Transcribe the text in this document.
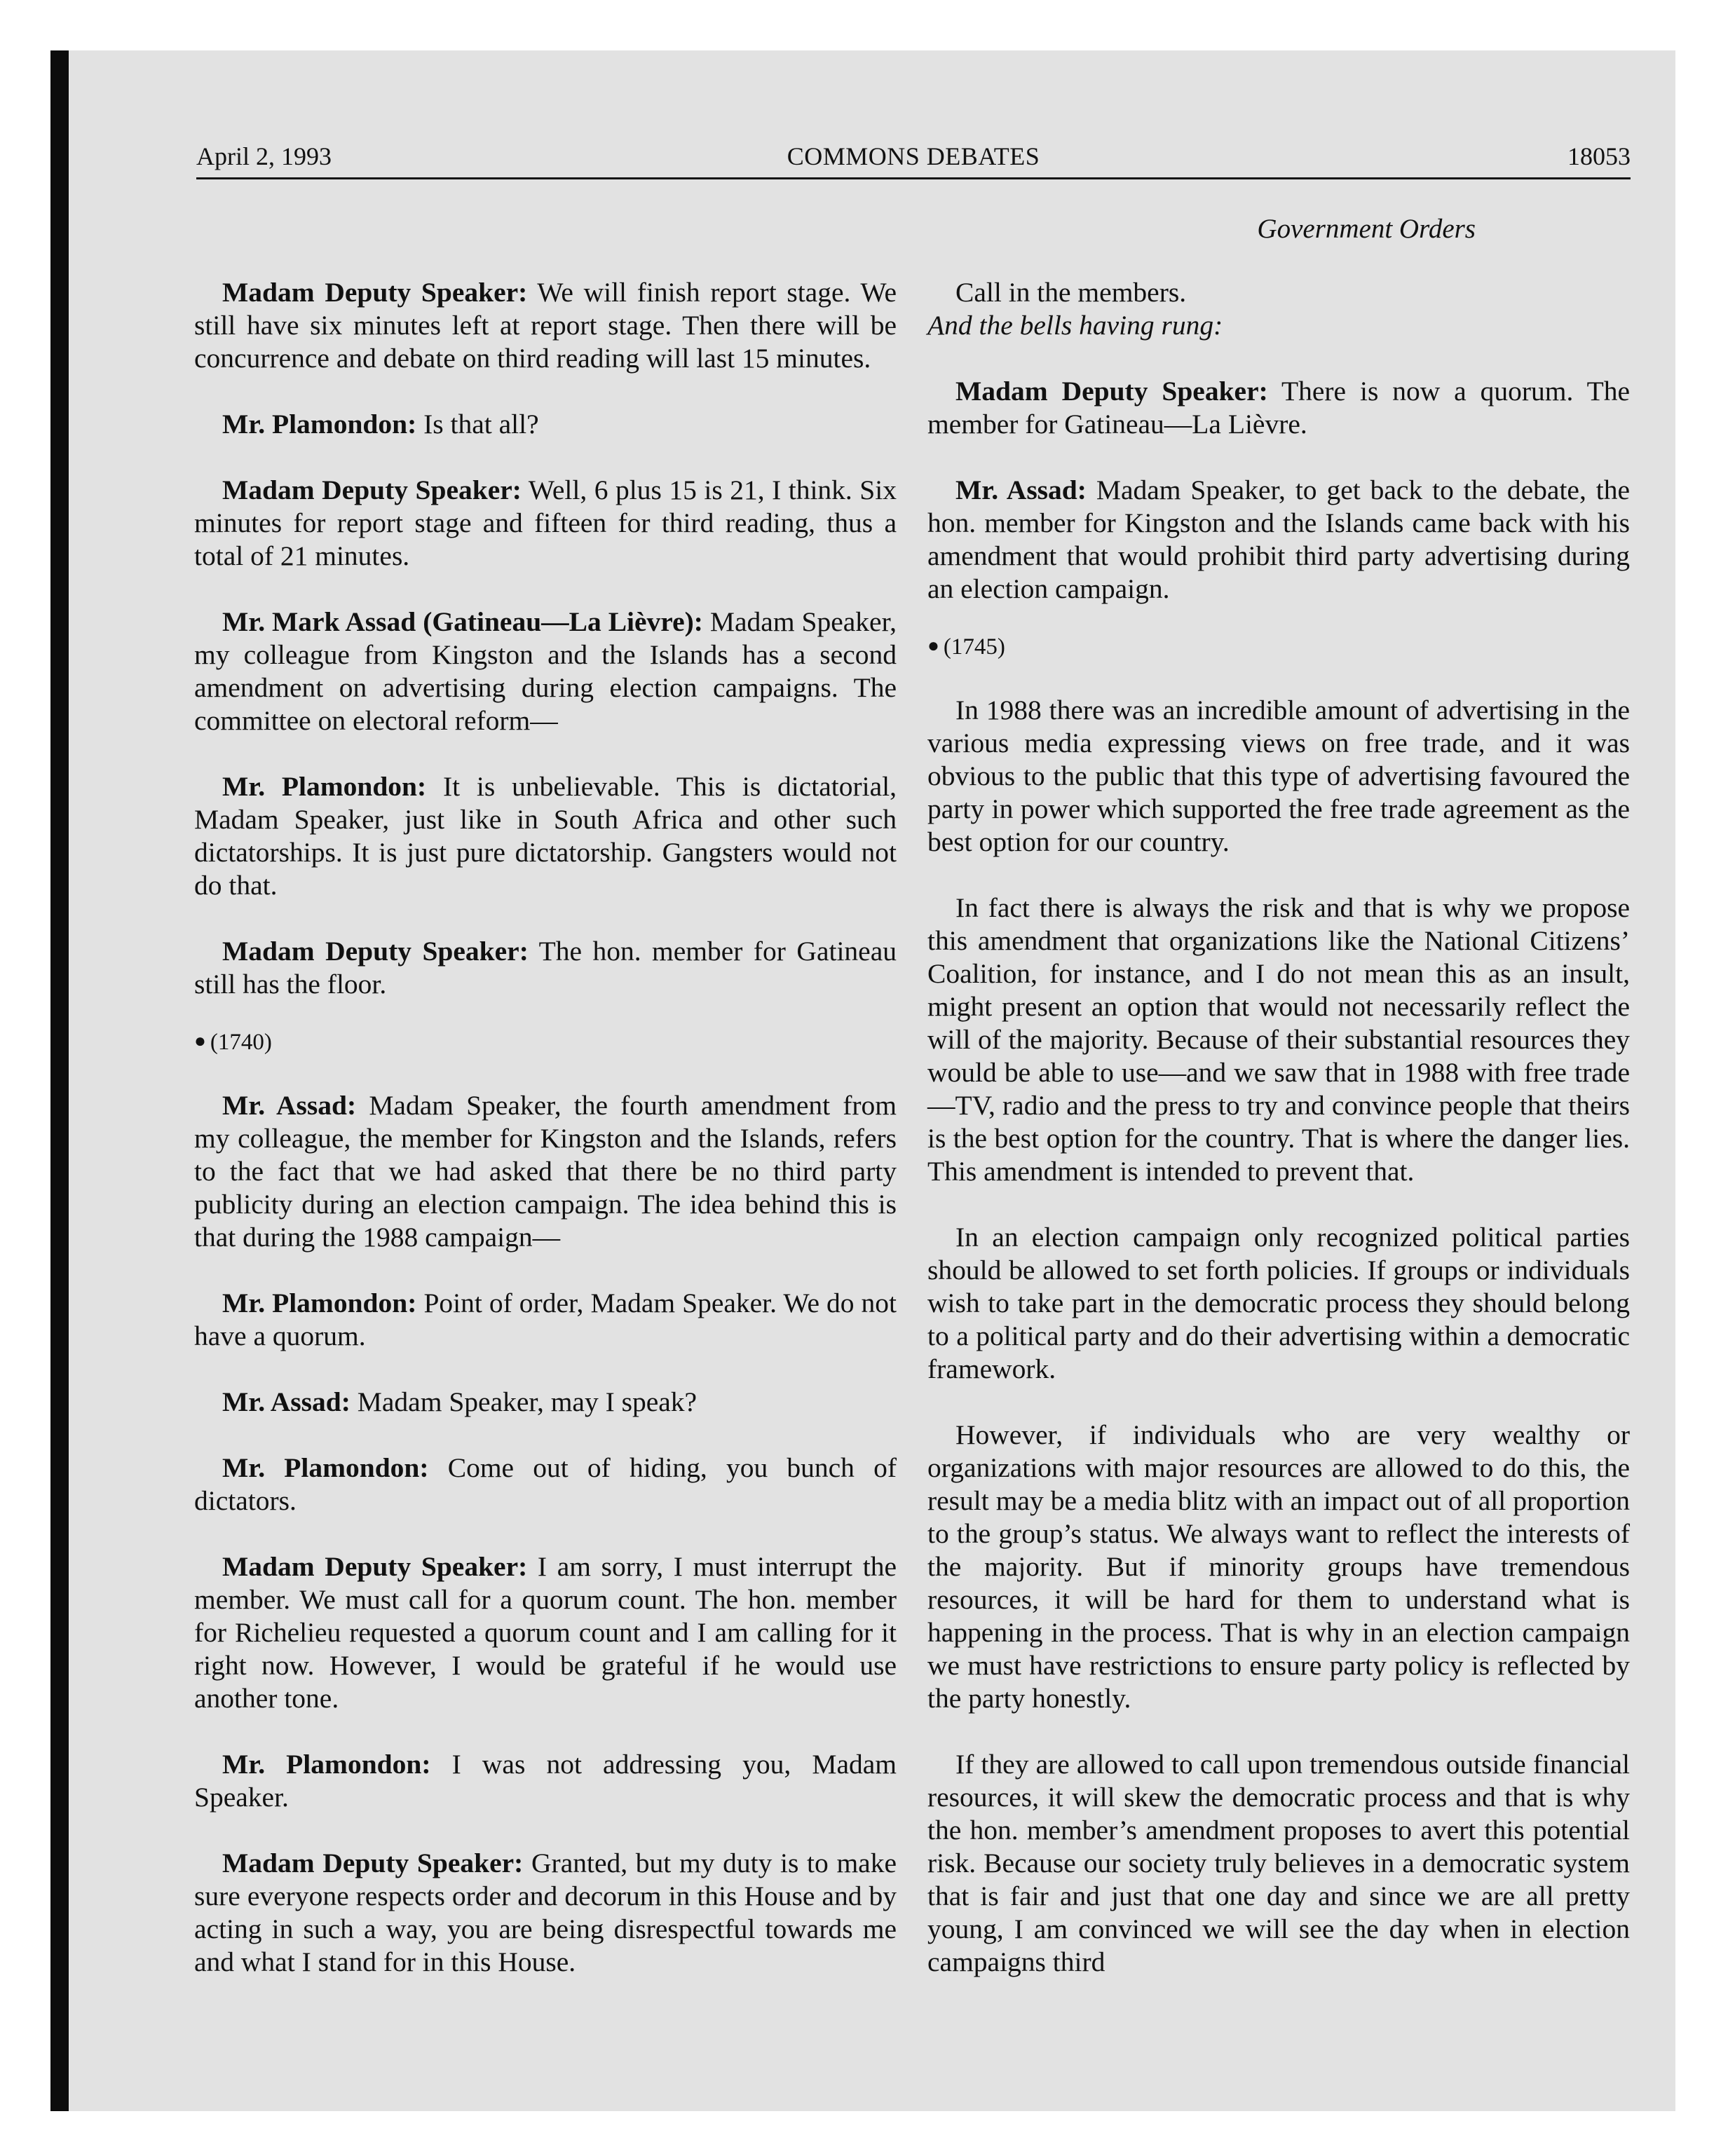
April 2, 1993	COMMONS DEBATES	18053
Government Orders

Madam Deputy Speaker: We will finish report stage. We still have six minutes left at report stage. Then there will be concurrence and debate on third reading will last 15 minutes.

Mr. Plamondon: Is that all?

Madam Deputy Speaker: Well, 6 plus 15 is 21, I think. Six minutes for report stage and fifteen for third reading, thus a total of 21 minutes.

Mr. Mark Assad (Gatineau—La Lièvre): Madam Speaker, my colleague from Kingston and the Islands has a second amendment on advertising during election campaigns. The committee on electoral reform—

Mr. Plamondon: It is unbelievable. This is dictatorial, Madam Speaker, just like in South Africa and other such dictatorships. It is just pure dictatorship. Gangsters would not do that.

Madam Deputy Speaker: The hon. member for Gatineau still has the floor.

● (1740)

Mr. Assad: Madam Speaker, the fourth amendment from my colleague, the member for Kingston and the Islands, refers to the fact that we had asked that there be no third party publicity during an election campaign. The idea behind this is that during the 1988 campaign—

Mr. Plamondon: Point of order, Madam Speaker. We do not have a quorum.

Mr. Assad: Madam Speaker, may I speak?

Mr. Plamondon: Come out of hiding, you bunch of dictators.

Madam Deputy Speaker: I am sorry, I must interrupt the member. We must call for a quorum count. The hon. member for Richelieu requested a quorum count and I am calling for it right now. However, I would be grateful if he would use another tone.

Mr. Plamondon: I was not addressing you, Madam Speaker.

Madam Deputy Speaker: Granted, but my duty is to make sure everyone respects order and decorum in this House and by acting in such a way, you are being disrespectful towards me and what I stand for in this House.

Call in the members.

And the bells having rung:

Madam Deputy Speaker: There is now a quorum. The member for Gatineau—La Lièvre.

Mr. Assad: Madam Speaker, to get back to the debate, the hon. member for Kingston and the Islands came back with his amendment that would prohibit third party advertising during an election campaign.

● (1745)

In 1988 there was an incredible amount of advertising in the various media expressing views on free trade, and it was obvious to the public that this type of advertising favoured the party in power which supported the free trade agreement as the best option for our country.

In fact there is always the risk and that is why we propose this amendment that organizations like the National Citizens’ Coalition, for instance, and I do not mean this as an insult, might present an option that would not necessarily reflect the will of the majority. Because of their substantial resources they would be able to use—and we saw that in 1988 with free trade—TV, radio and the press to try and convince people that theirs is the best option for the country. That is where the danger lies. This amendment is intended to prevent that.

In an election campaign only recognized political parties should be allowed to set forth policies. If groups or individuals wish to take part in the democratic process they should belong to a political party and do their advertising within a democratic framework.

However, if individuals who are very wealthy or organizations with major resources are allowed to do this, the result may be a media blitz with an impact out of all proportion to the group’s status. We always want to reflect the interests of the majority. But if minority groups have tremendous resources, it will be hard for them to understand what is happening in the process. That is why in an election campaign we must have restrictions to ensure party policy is reflected by the party honestly.

If they are allowed to call upon tremendous outside financial resources, it will skew the democratic process and that is why the hon. member’s amendment proposes to avert this potential risk. Because our society truly believes in a democratic system that is fair and just that one day and since we are all pretty young, I am convinced we will see the day when in election campaigns third
